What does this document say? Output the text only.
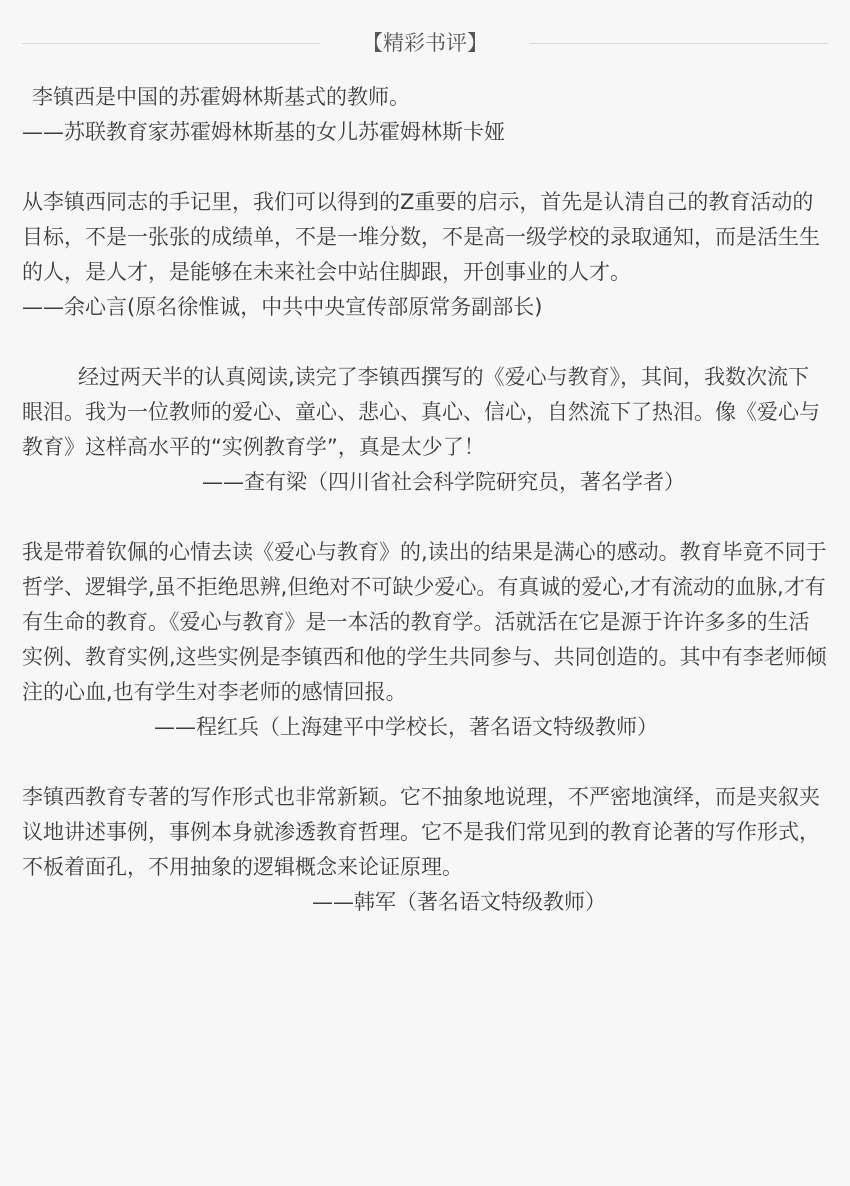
【精彩书评】

李镇西是中国的苏霍姆林斯基式的教师。

——苏联教育家苏霍姆林斯基的女儿苏霍姆林斯卡娅

从李镇西同志的手记里，我们可以得到的Z重要的启示，首先是认清自己的教育活动的目标，不是一张张的成绩单，不是一堆分数，不是高一级学校的录取通知，而是活生生的人，是人才，是能够在未来社会中站住脚跟，开创事业的人才。

——余心言(原名徐惟诚，中共中央宣传部原常务副部长)

经过两天半的认真阅读,读完了李镇西撰写的《爱心与教育》，其间，我数次流下眼泪。我为一位教师的爱心、童心、悲心、真心、信心，自然流下了热泪。像《爱心与教育》这样高水平的“实例教育学”，真是太少了！

——查有梁（四川省社会科学院研究员，著名学者）

我是带着钦佩的心情去读《爱心与教育》的,读出的结果是满心的感动。教育毕竟不同于哲学、逻辑学,虽不拒绝思辨,但绝对不可缺少爱心。有真诚的爱心,才有流动的血脉,才有有生命的教育。《爱心与教育》是一本活的教育学。活就活在它是源于许许多多的生活实例、教育实例,这些实例是李镇西和他的学生共同参与、共同创造的。其中有李老师倾注的心血,也有学生对李老师的感情回报。

——程红兵（上海建平中学校长，著名语文特级教师）

李镇西教育专著的写作形式也非常新颖。它不抽象地说理，不严密地演绎，而是夹叙夹议地讲述事例，事例本身就渗透教育哲理。它不是我们常见到的教育论著的写作形式，不板着面孔，不用抽象的逻辑概念来论证原理。

——韩军（著名语文特级教师）
